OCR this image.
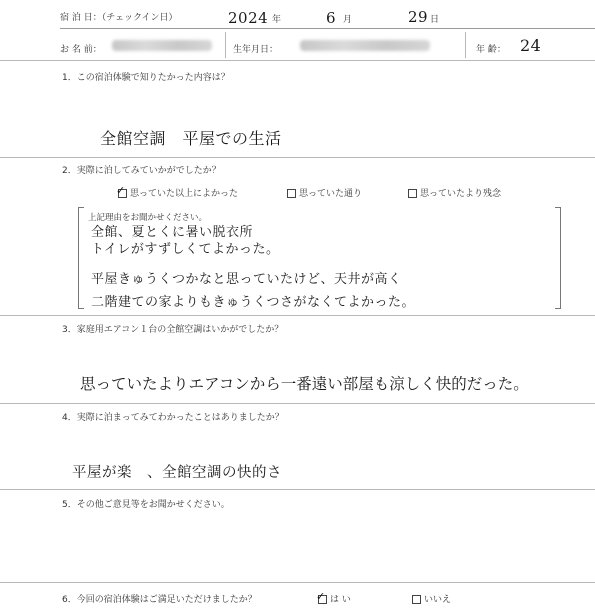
宿 泊 日：（チェックイン日）	2024 年	6 月	29 日
お 名 前：	生年月日：	年 齢： 24
1．この宿泊体験で知りたかった内容は？
全館空調　平屋での生活
2．実際に泊してみていかがでしたか？
✓ 思っていた以上によかった	思っていた通り	思っていたより残念
上記理由をお聞かせください。
全館、夏とくに暑い脱衣所
トイレがすずしくてよかった。
平屋きゅうくつかなと思っていたけど、天井が高く
二階建ての家よりもきゅうくつさがなくてよかった。
3．家庭用エアコン１台の全館空調はいかがでしたか？
思っていたよりエアコンから一番遠い部屋も涼しく快的だった。
4．実際に泊まってみてわかったことはありましたか？
平屋が楽　、全館空調の快的さ
5．その他ご意見等をお聞かせください。
6．今回の宿泊体験はご満足いただけましたか？	✓ は い	いいえ
